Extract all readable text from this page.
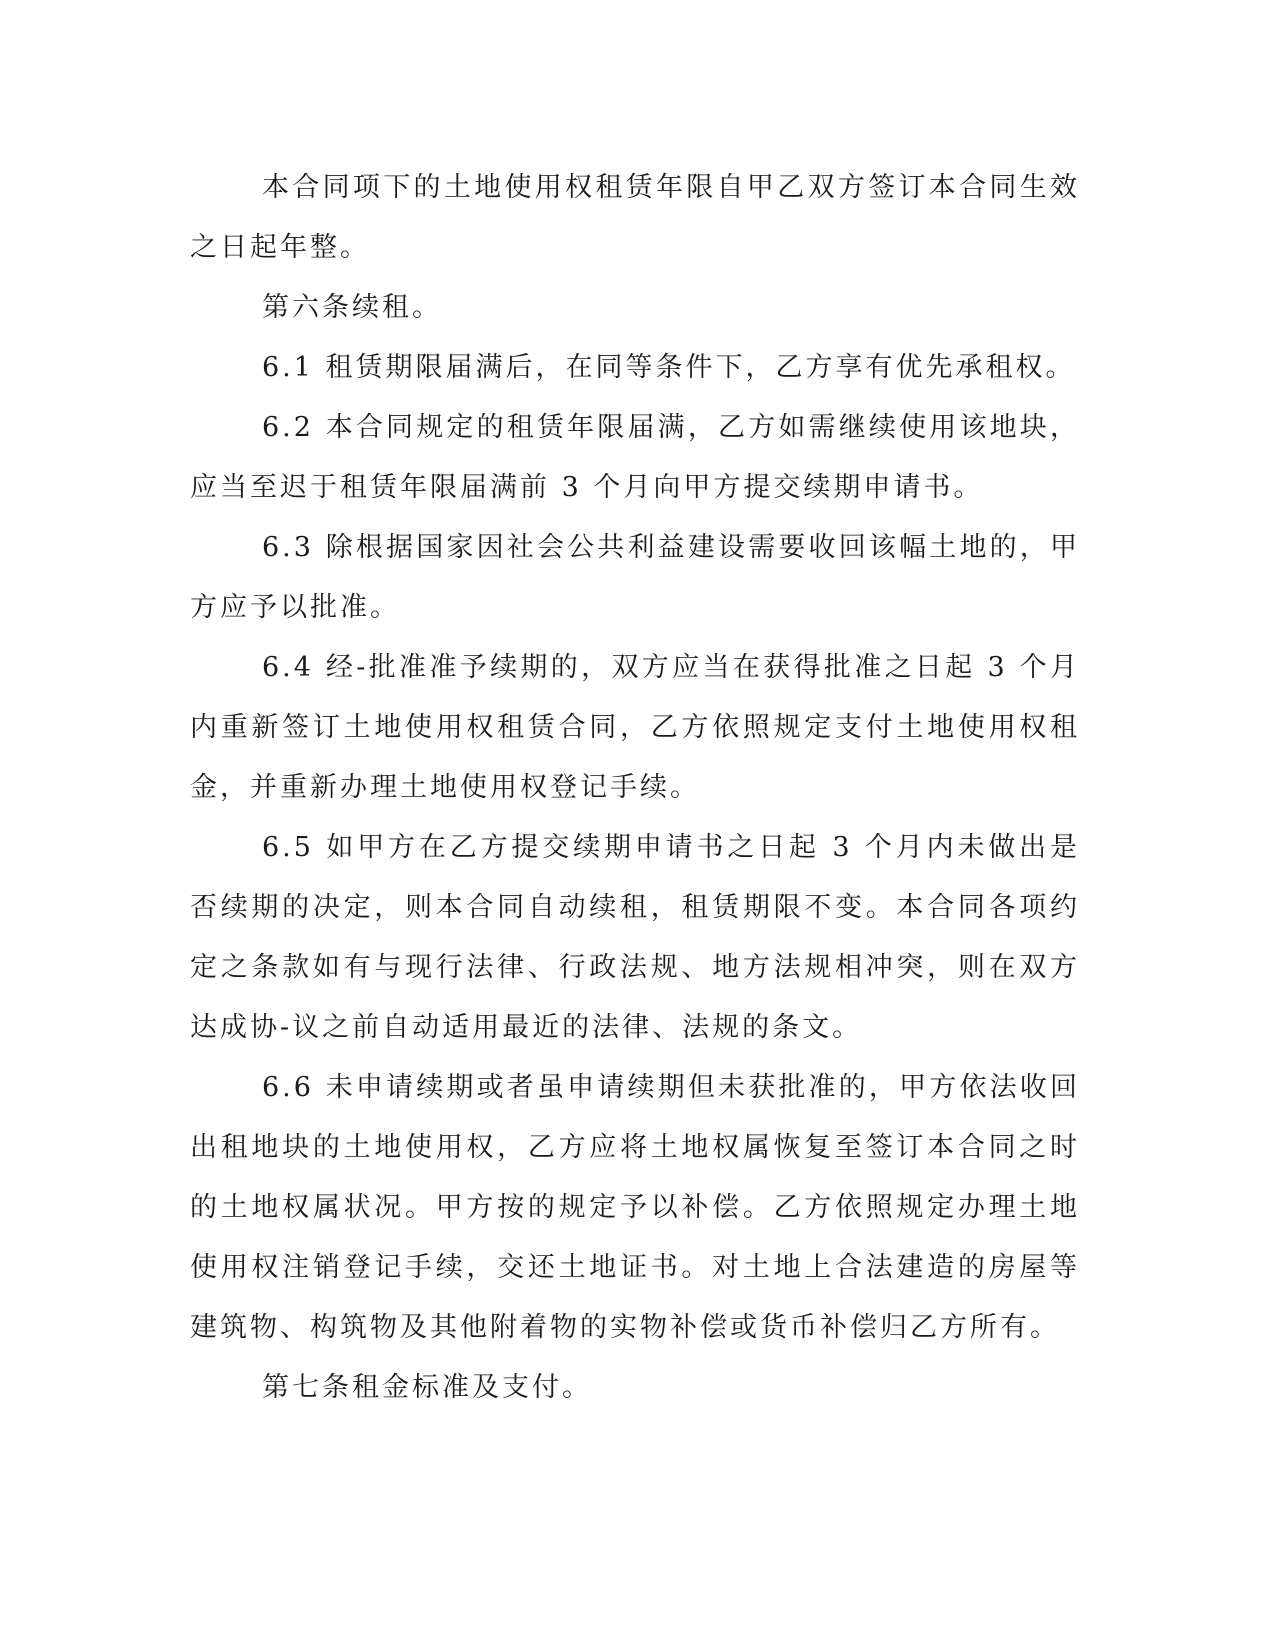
本合同项下的土地使用权租赁年限自甲乙双方签订本合同生效之日起年整。

第六条续租。

6.1 租赁期限届满后，在同等条件下，乙方享有优先承租权。

6.2 本合同规定的租赁年限届满，乙方如需继续使用该地块，应当至迟于租赁年限届满前 3 个月向甲方提交续期申请书。

6.3 除根据国家因社会公共利益建设需要收回该幅土地的，甲方应予以批准。

6.4 经-批准准予续期的，双方应当在获得批准之日起 3 个月内重新签订土地使用权租赁合同，乙方依照规定支付土地使用权租金，并重新办理土地使用权登记手续。

6.5 如甲方在乙方提交续期申请书之日起 3 个月内未做出是否续期的决定，则本合同自动续租，租赁期限不变。本合同各项约定之条款如有与现行法律、行政法规、地方法规相冲突，则在双方达成协-议之前自动适用最近的法律、法规的条文。

6.6 未申请续期或者虽申请续期但未获批准的，甲方依法收回出租地块的土地使用权，乙方应将土地权属恢复至签订本合同之时的土地权属状况。甲方按的规定予以补偿。乙方依照规定办理土地使用权注销登记手续，交还土地证书。对土地上合法建造的房屋等建筑物、构筑物及其他附着物的实物补偿或货币补偿归乙方所有。

第七条租金标准及支付。
